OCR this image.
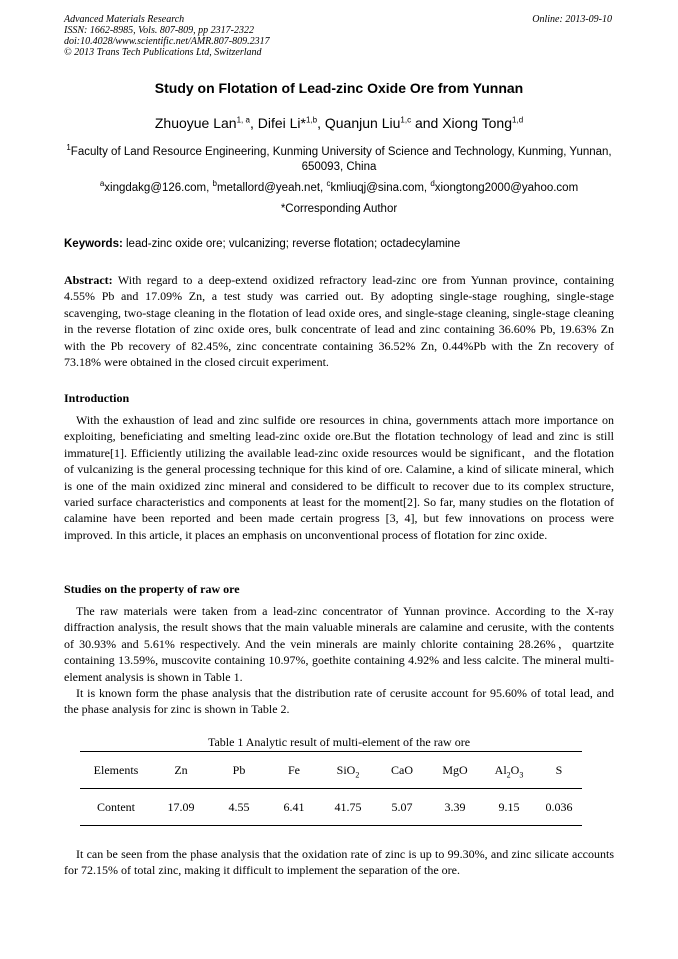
Advanced Materials Research
ISSN: 1662-8985, Vols. 807-809, pp 2317-2322
doi:10.4028/www.scientific.net/AMR.807-809.2317
© 2013 Trans Tech Publications Ltd, Switzerland
Online: 2013-09-10
Study on Flotation of Lead-zinc Oxide Ore from Yunnan
Zhuoyue Lan$^{1, a}$, Difei Li*$^{1,b}$, Quanjun Liu$^{1,c}$ and Xiong Tong$^{1,d}$
$^1$Faculty of Land Resource Engineering, Kunming University of Science and Technology, Kunming, Yunnan, 650093, China
$^a$xingdakg@126.com, $^b$metallord@yeah.net, $^c$kmliuqj@sina.com, $^d$xiongtong2000@yahoo.com
*Corresponding Author
Keywords: lead-zinc oxide ore; vulcanizing; reverse flotation; octadecylamine

Abstract: With regard to a deep-extend oxidized refractory lead-zinc ore from Yunnan province, containing 4.55% Pb and 17.09% Zn, a test study was carried out. By adopting single-stage roughing, single-stage scavenging, two-stage cleaning in the flotation of lead oxide ores, and single-stage cleaning, single-stage cleaning in the reverse flotation of zinc oxide ores, bulk concentrate of lead and zinc containing 36.60% Pb, 19.63% Zn with the Pb recovery of 82.45%, zinc concentrate containing 36.52% Zn, 0.44%Pb with the Zn recovery of 73.18% were obtained in the closed circuit experiment.

Introduction

With the exhaustion of lead and zinc sulfide ore resources in china, governments attach more importance on exploiting, beneficiating and smelting lead-zinc oxide ore.But the flotation technology of lead and zinc is still immature[1]. Efficiently utilizing the available lead-zinc oxide resources would be significant，and the flotation of vulcanizing is the general processing technique for this kind of ore. Calamine, a kind of silicate mineral, which is one of the main oxidized zinc mineral and considered to be difficult to recover due to its complex structure, varied surface characteristics and components at least for the moment[2]. So far, many studies on the flotation of calamine have been reported and been made certain progress [3, 4], but few innovations on process were improved. In this article, it places an emphasis on unconventional process of flotation for zinc oxide.

Studies on the property of raw ore

The raw materials were taken from a lead-zinc concentrator of Yunnan province. According to the X-ray diffraction analysis, the result shows that the main valuable minerals are calamine and cerusite, with the contents of 30.93% and 5.61% respectively. And the vein minerals are mainly chlorite containing 28.26%，quartzite containing 13.59%, muscovite containing 10.97%, goethite containing 4.92% and less calcite. The mineral multi-element analysis is shown in Table 1.

It is known form the phase analysis that the distribution rate of cerusite account for 95.60% of total lead, and the phase analysis for zinc is shown in Table 2.

Table 1 Analytic result of multi-element of the raw ore
Elements	Zn	Pb	Fe	SiO$_2$	CaO	MgO	$Al_2O_3$	S
Content	17.09	4.55	6.41	41.75	5.07	3.39	9.15	0.036

It can be seen from the phase analysis that the oxidation rate of zinc is up to 99.30%, and zinc silicate accounts for 72.15% of total zinc, making it difficult to implement the separation of the ore.
